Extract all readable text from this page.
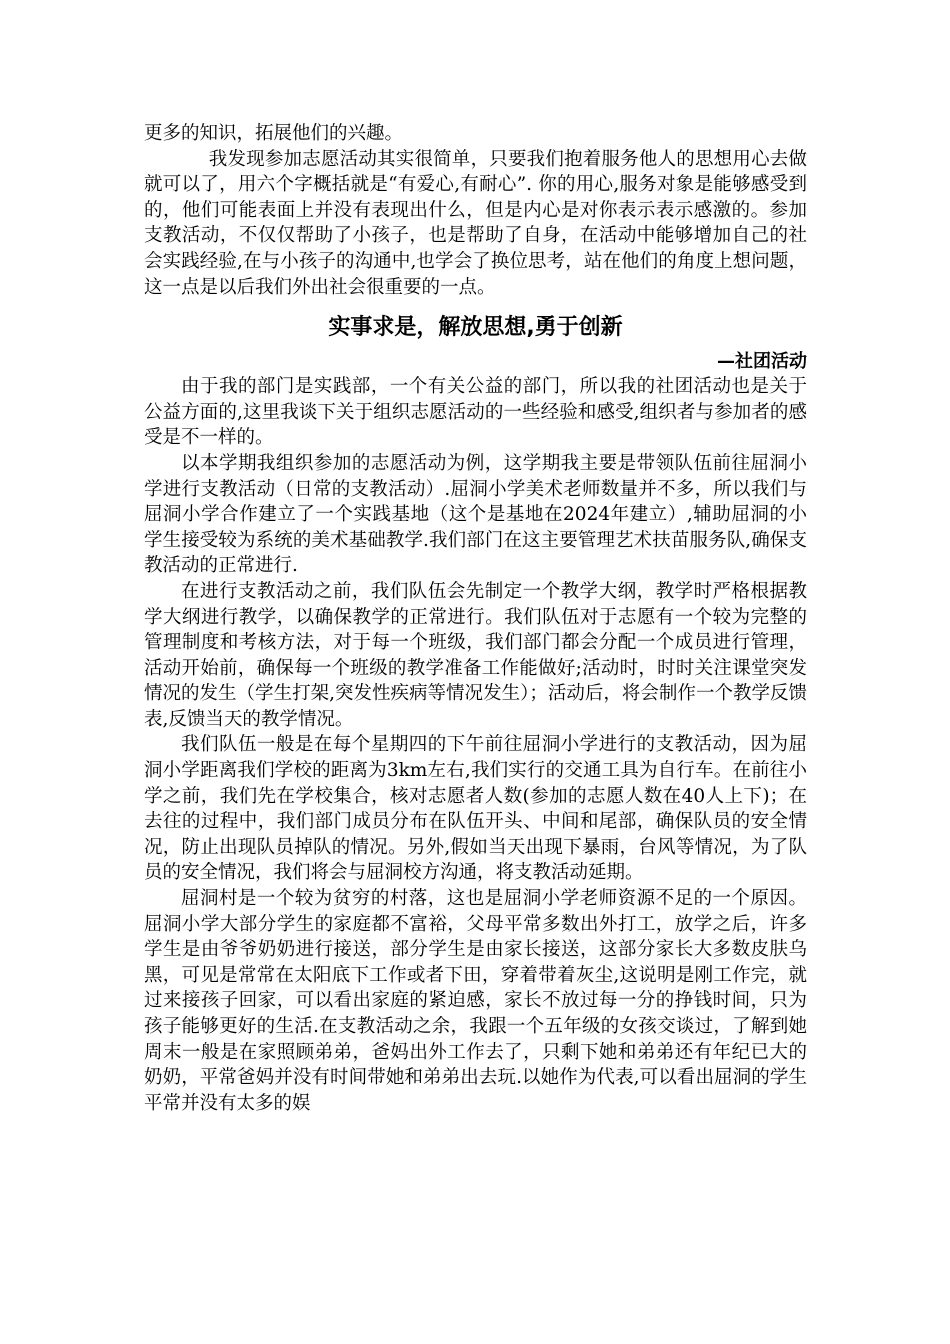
更多的知识，拓展他们的兴趣。

我发现参加志愿活动其实很简单，只要我们抱着服务他人的思想用心去做就可以了，用六个字概括就是“有爱心,有耐心”. 你的用心,服务对象是能够感受到的，他们可能表面上并没有表现出什么，但是内心是对你表示表示感激的。参加支教活动，不仅仅帮助了小孩子，也是帮助了自身，在活动中能够增加自己的社会实践经验,在与小孩子的沟通中,也学会了换位思考，站在他们的角度上想问题，这一点是以后我们外出社会很重要的一点。

实事求是，解放思想,勇于创新

—社团活动

由于我的部门是实践部，一个有关公益的部门，所以我的社团活动也是关于公益方面的,这里我谈下关于组织志愿活动的一些经验和感受,组织者与参加者的感受是不一样的。

以本学期我组织参加的志愿活动为例，这学期我主要是带领队伍前往屈洞小学进行支教活动（日常的支教活动）.屈洞小学美术老师数量并不多，所以我们与屈洞小学合作建立了一个实践基地（这个是基地在2024年建立）,辅助屈洞的小学生接受较为系统的美术基础教学.我们部门在这主要管理艺术扶苗服务队,确保支教活动的正常进行.

在进行支教活动之前，我们队伍会先制定一个教学大纲，教学时严格根据教学大纲进行教学，以确保教学的正常进行。我们队伍对于志愿有一个较为完整的管理制度和考核方法，对于每一个班级，我们部门都会分配一个成员进行管理，活动开始前，确保每一个班级的教学准备工作能做好;活动时，时时关注课堂突发情况的发生（学生打架,突发性疾病等情况发生）；活动后，将会制作一个教学反馈表,反馈当天的教学情况。

我们队伍一般是在每个星期四的下午前往屈洞小学进行的支教活动，因为屈洞小学距离我们学校的距离为3km左右,我们实行的交通工具为自行车。在前往小学之前，我们先在学校集合，核对志愿者人数(参加的志愿人数在40人上下)；在去往的过程中，我们部门成员分布在队伍开头、中间和尾部，确保队员的安全情况，防止出现队员掉队的情况。另外,假如当天出现下暴雨，台风等情况，为了队员的安全情况，我们将会与屈洞校方沟通，将支教活动延期。

屈洞村是一个较为贫穷的村落，这也是屈洞小学老师资源不足的一个原因。屈洞小学大部分学生的家庭都不富裕，父母平常多数出外打工，放学之后，许多学生是由爷爷奶奶进行接送，部分学生是由家长接送，这部分家长大多数皮肤乌黑，可见是常常在太阳底下工作或者下田，穿着带着灰尘,这说明是刚工作完，就过来接孩子回家，可以看出家庭的紧迫感，家长不放过每一分的挣钱时间，只为孩子能够更好的生活.在支教活动之余，我跟一个五年级的女孩交谈过，了解到她周末一般是在家照顾弟弟，爸妈出外工作去了，只剩下她和弟弟还有年纪已大的奶奶，平常爸妈并没有时间带她和弟弟出去玩.以她作为代表,可以看出屈洞的学生平常并没有太多的娱
